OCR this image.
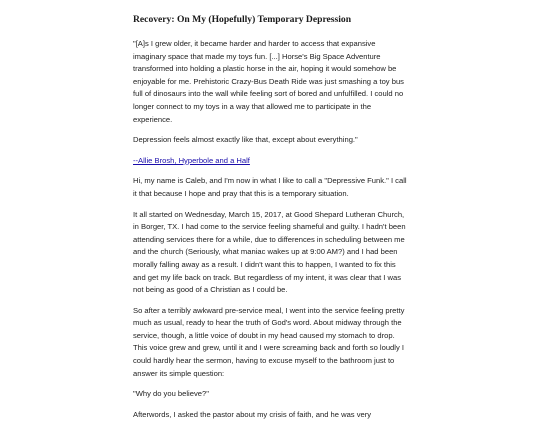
Recovery: On My (Hopefully) Temporary Depression

"[A]s I grew older, it became harder and harder to access that expansive imaginary space that made my toys fun. [...] Horse's Big Space Adventure transformed into holding a plastic horse in the air, hoping it would somehow be enjoyable for me. Prehistoric Crazy-Bus Death Ride was just smashing a toy bus full of dinosaurs into the wall while feeling sort of bored and unfulfilled. I could no longer connect to my toys in a way that allowed me to participate in the experience.

Depression feels almost exactly like that, except about everything."

--Allie Brosh, Hyperbole and a Half

Hi, my name is Caleb, and I'm now in what I like to call a "Depressive Funk." I call it that because I hope and pray that this is a temporary situation.

It all started on Wednesday, March 15, 2017, at Good Shepard Lutheran Church, in Borger, TX. I had come to the service feeling shameful and guilty. I hadn't been attending services there for a while, due to differences in scheduling between me and the church (Seriously, what maniac wakes up at 9:00 AM?) and I had been morally falling away as a result. I didn't want this to happen, I wanted to fix this and get my life back on track. But regardless of my intent, it was clear that I was not being as good of a Christian as I could be.

So after a terribly awkward pre-service meal, I went into the service feeling pretty much as usual, ready to hear the truth of God's word. About midway through the service, though, a little voice of doubt in my head caused my stomach to drop. This voice grew and grew, until it and I were screaming back and forth so loudly I could hardly hear the sermon, having to excuse myself to the bathroom just to answer its simple question:

"Why do you believe?"

Afterwords, I asked the pastor about my crisis of faith, and he was very
